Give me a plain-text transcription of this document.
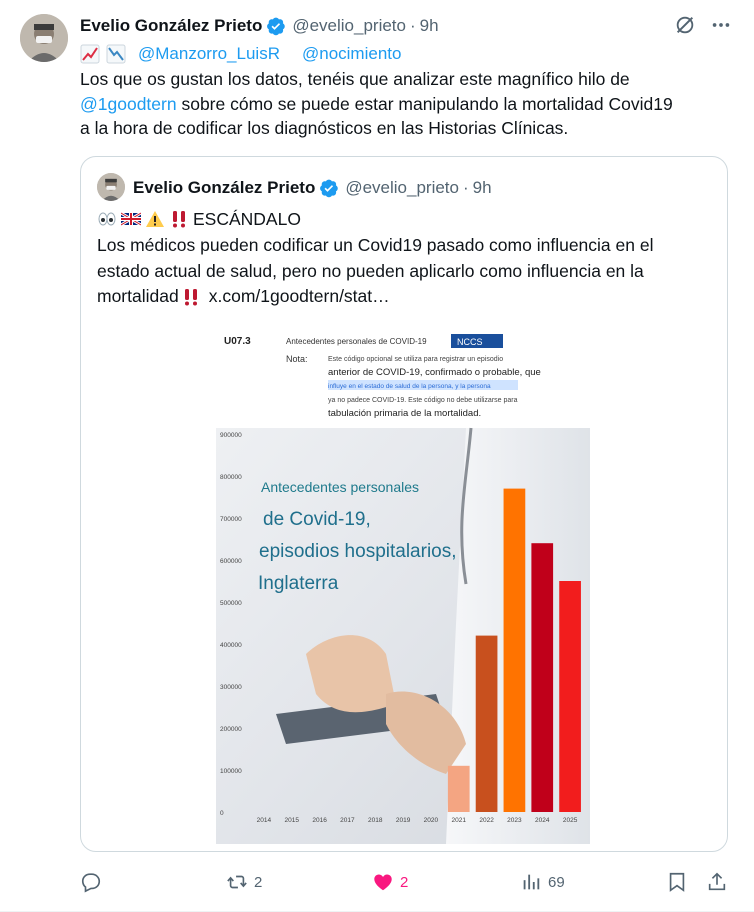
Evelio González Prieto @evelio_prieto · 9h
@Manzorro_LuisR @nocimiento

Los que os gustan los datos, tenéis que analizar este magnífico hilo de

@1goodtern sobre cómo se puede estar manipulando la mortalidad Covid19

a la hora de codificar los diagnósticos en las Historias Clínicas.

Evelio González Prieto @evelio_prieto · 9h
ESCÁNDALO

Los médicos pueden codificar un Covid19 pasado como influencia en el

estado actual de salud, pero no pueden aplicarlo como influencia en la

mortalidad x.com/1goodtern/stat…

U07.3	Antecedentes personales de COVID-19	NCCS
Nota:	Este código opcional se utiliza para registrar un episodio
anterior de COVID-19, confirmado o probable, que
influye en el estado de salud de la persona, y la persona
ya no padece COVID-19. Este código no debe utilizarse para
tabulación primaria de la mortalidad.
Antecedentes personales
de Covid-19,
episodios hospitalarios,
Inglaterra
0
100000
200000
300000
400000
500000
600000
700000
800000
900000
2014 2015 2016 2017 2018 2019 2020 2021 2022 2023 2024 2025
2	2	69
